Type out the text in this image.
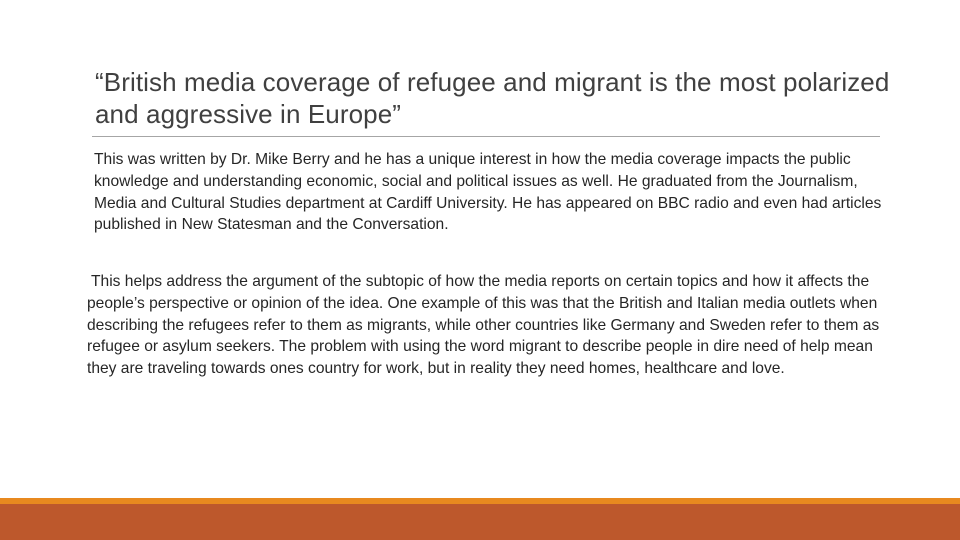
“British media coverage of refugee and migrant is the most polarized and aggressive in Europe”

This was written by Dr. Mike Berry and he has a unique interest in how the media coverage impacts the public knowledge and understanding economic, social and political issues as well. He graduated from the Journalism, Media and Cultural Studies department at Cardiff University. He has appeared on BBC radio and even had articles published in New Statesman and the Conversation.

This helps address the argument of the subtopic of how the media reports on certain topics and how it affects the people’s perspective or opinion of the idea. One example of this was that the British and Italian media outlets when describing the refugees refer to them as migrants, while other countries like Germany and Sweden refer to them as refugee or asylum seekers. The problem with using the word migrant to describe people in dire need of help mean they are traveling towards ones country for work, but in reality they need homes, healthcare and love.
